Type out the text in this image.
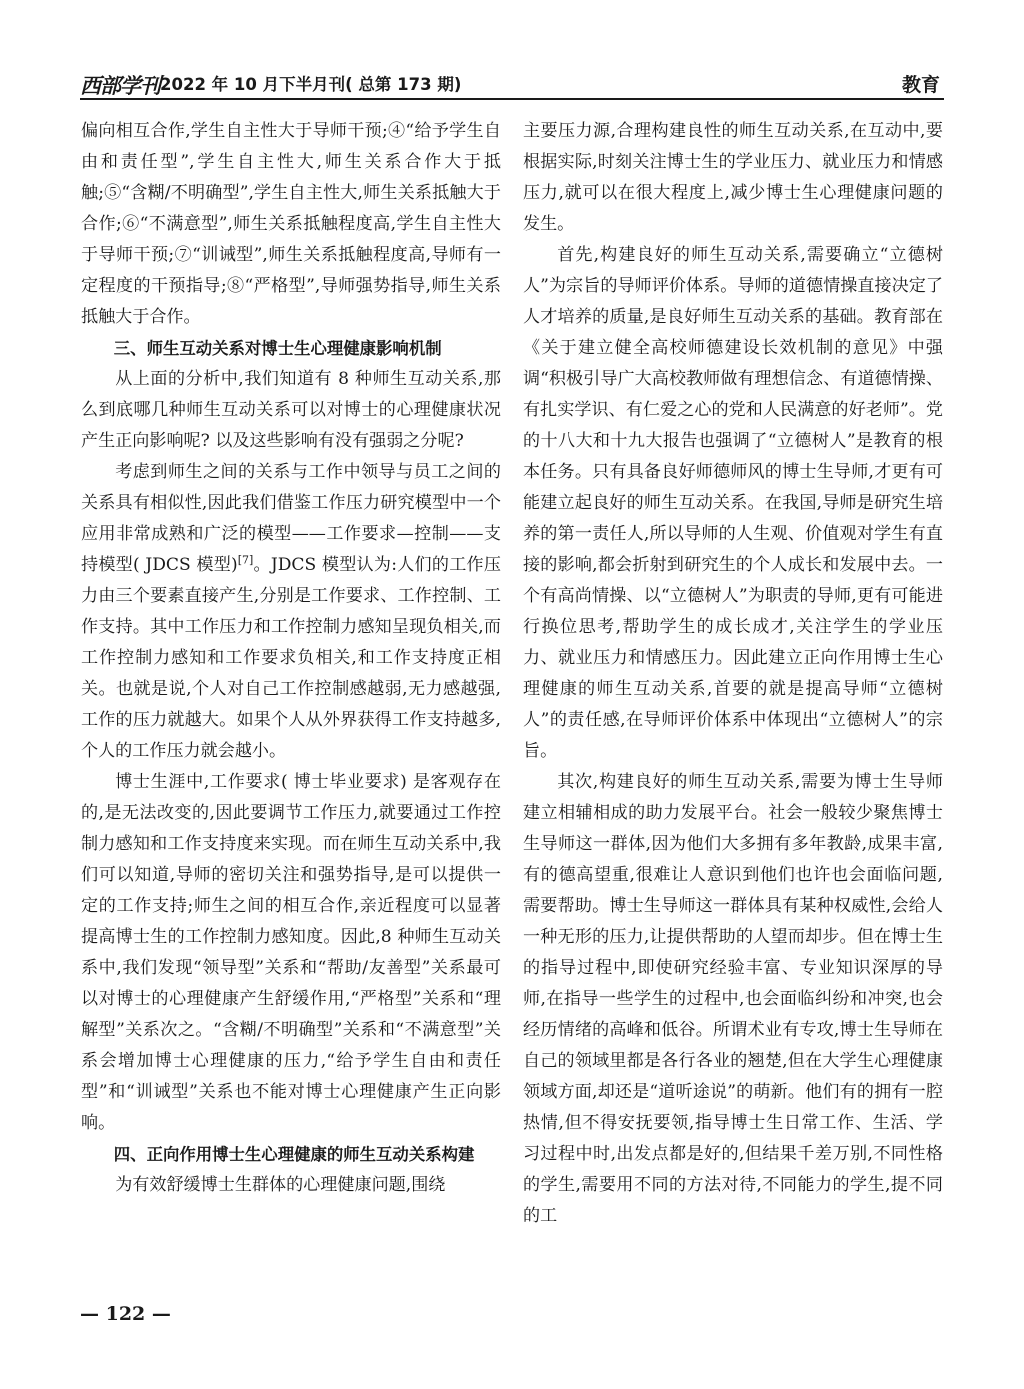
西部学刊 2022 年 10 月下半月刊( 总第 173 期)	教育

偏向相互合作,学生自主性大于导师干预;④“给予学生自由和责任型”,学生自主性大,师生关系合作大于抵触;⑤“含糊/不明确型”,学生自主性大,师生关系抵触大于合作;⑥“不满意型”,师生关系抵触程度高,学生自主性大于导师干预;⑦“训诫型”,师生关系抵触程度高,导师有一定程度的干预指导;⑧“严格型”,导师强势指导,师生关系抵触大于合作。

三、师生互动关系对博士生心理健康影响机制

从上面的分析中,我们知道有 8 种师生互动关系,那么到底哪几种师生互动关系可以对博士的心理健康状况产生正向影响呢? 以及这些影响有没有强弱之分呢?

考虑到师生之间的关系与工作中领导与员工之间的关系具有相似性,因此我们借鉴工作压力研究模型中一个应用非常成熟和广泛的模型——工作要求—控制——支持模型( JDCS 模型)[7]。JDCS 模型认为:人们的工作压力由三个要素直接产生,分别是工作要求、工作控制、工作支持。其中工作压力和工作控制力感知呈现负相关,而工作控制力感知和工作要求负相关,和工作支持度正相关。也就是说,个人对自己工作控制感越弱,无力感越强,工作的压力就越大。如果个人从外界获得工作支持越多,个人的工作压力就会越小。

博士生涯中,工作要求( 博士毕业要求) 是客观存在的,是无法改变的,因此要调节工作压力,就要通过工作控制力感知和工作支持度来实现。而在师生互动关系中,我们可以知道,导师的密切关注和强势指导,是可以提供一定的工作支持;师生之间的相互合作,亲近程度可以显著提高博士生的工作控制力感知度。因此,8 种师生互动关系中,我们发现“领导型”关系和“帮助/友善型”关系最可以对博士的心理健康产生舒缓作用,“严格型”关系和“理解型”关系次之。“含糊/不明确型”关系和“不满意型”关系会增加博士心理健康的压力,“给予学生自由和责任型”和“训诫型”关系也不能对博士心理健康产生正向影响。

四、正向作用博士生心理健康的师生互动关系构建

为有效舒缓博士生群体的心理健康问题,围绕

主要压力源,合理构建良性的师生互动关系,在互动中,要根据实际,时刻关注博士生的学业压力、就业压力和情感压力,就可以在很大程度上,减少博士生心理健康问题的发生。

首先,构建良好的师生互动关系,需要确立“立德树人”为宗旨的导师评价体系。导师的道德情操直接决定了人才培养的质量,是良好师生互动关系的基础。教育部在《关于建立健全高校师德建设长效机制的意见》中强调“积极引导广大高校教师做有理想信念、有道德情操、有扎实学识、有仁爱之心的党和人民满意的好老师”。党的十八大和十九大报告也强调了“立德树人”是教育的根本任务。只有具备良好师德师风的博士生导师,才更有可能建立起良好的师生互动关系。在我国,导师是研究生培养的第一责任人,所以导师的人生观、价值观对学生有直接的影响,都会折射到研究生的个人成长和发展中去。一个有高尚情操、以“立德树人”为职责的导师,更有可能进行换位思考,帮助学生的成长成才,关注学生的学业压力、就业压力和情感压力。因此建立正向作用博士生心理健康的师生互动关系,首要的就是提高导师“立德树人”的责任感,在导师评价体系中体现出“立德树人”的宗旨。

其次,构建良好的师生互动关系,需要为博士生导师建立相辅相成的助力发展平台。社会一般较少聚焦博士生导师这一群体,因为他们大多拥有多年教龄,成果丰富,有的德高望重,很难让人意识到他们也许也会面临问题,需要帮助。博士生导师这一群体具有某种权威性,会给人一种无形的压力,让提供帮助的人望而却步。但在博士生的指导过程中,即使研究经验丰富、专业知识深厚的导师,在指导一些学生的过程中,也会面临纠纷和冲突,也会经历情绪的高峰和低谷。所谓术业有专攻,博士生导师在自己的领域里都是各行各业的翘楚,但在大学生心理健康领域方面,却还是“道听途说”的萌新。他们有的拥有一腔热情,但不得安抚要领,指导博士生日常工作、生活、学习过程中时,出发点都是好的,但结果千差万别,不同性格的学生,需要用不同的方法对待,不同能力的学生,提不同的工

— 122 —
